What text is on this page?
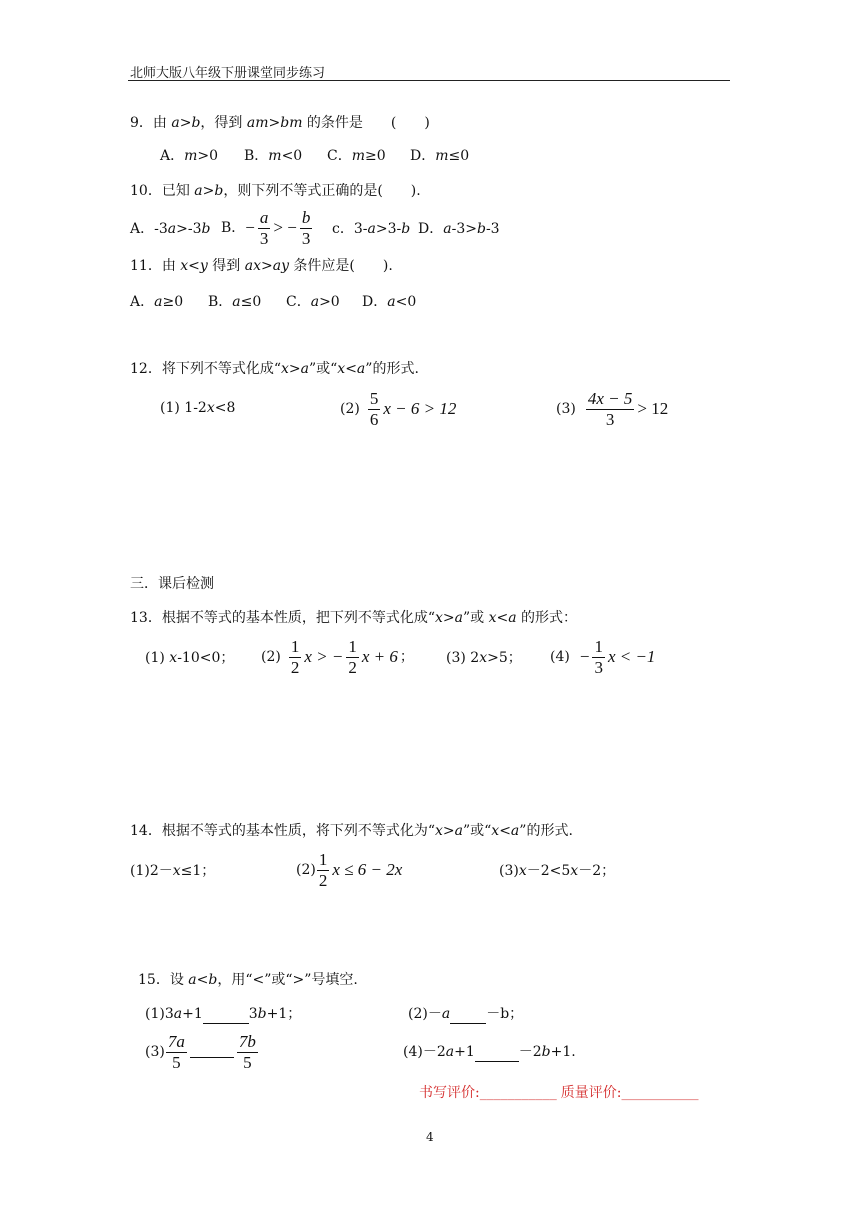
北师大版八年级下册课堂同步练习
9．由 a>b，得到 am>bm 的条件是　　(　　)
A．m>0 B．m<0 C．m≥0 D．m≤0
10．已知 a>b，则下列不等式正确的是(　　).
A．-3a>-3b B． − $\frac{a}{3}$ > − $\frac{b}{3}$ c．3-a>3-b D．a-3>b-3
11．由 x<y 得到 ax>ay 条件应是(　　).
A．a≥0 B．a≤0 C．a>0 D．a<0
12．将下列不等式化成“x>a”或“x<a”的形式.
(1) 1-2x<8	$(2) \frac{5}{6}$ x − 6 > 12	$(3) \frac{4x - 5}{3} > 12$
三．课后检测
13．根据不等式的基本性质，把下列不等式化成“x>a”或 x<a 的形式：
(1) x-10<0； $(2) \frac{1}{2}$ x > − $\frac{1}{2}$ x + 6 ； (3) 2x>5； $(4) - \frac{1}{3}$ x < −1
14．根据不等式的基本性质，将下列不等式化为“x>a”或“x<a”的形式.
(1)2－x≤1；	$(2) \frac{1}{2}$ x ≤ 6 − 2x	(3)x－2<5x－2；
15．设 a<b，用“<”或“>”号填空.
(1)3a+1	3b+1；	(2)－a	－b；
$(3) \frac{7a}{5}$	$\frac{7b}{5}$	(4)－2a+1	－2b+1.
书写评价:___________ 质量评价:___________
4
